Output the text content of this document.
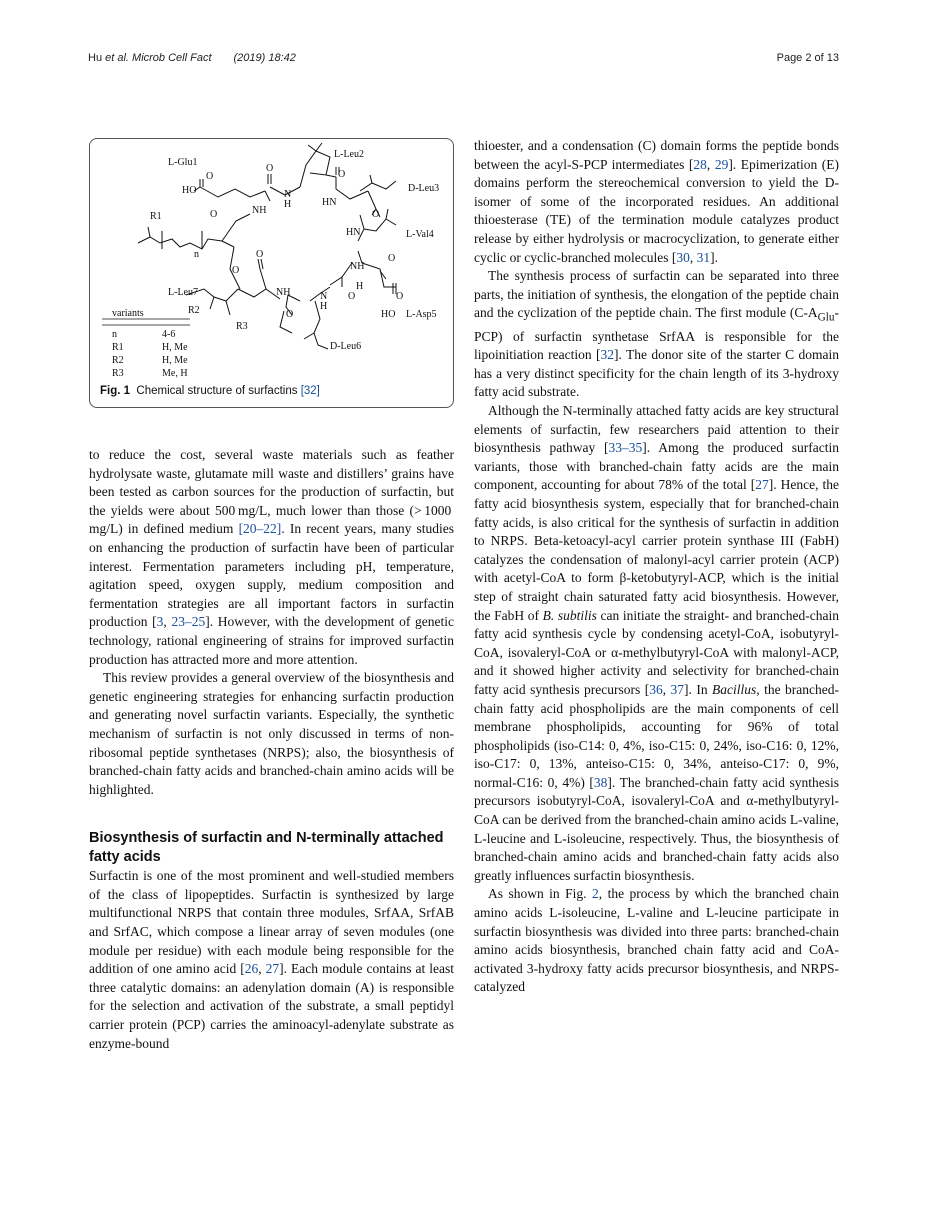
Hu et al. Microb Cell Fact (2019) 18:42	Page 2 of 13
L-Glu1
L-Leu2
D-Leu3
L-Val4
L-Asp5
D-Leu6
L-Leu7
HO
O
O
O	NH
N
H
O
HN
O
HN
NH
O
N
H
H
O
HO
O
NH
O
O
O
R2
R3
R1
n
variants
n	4-6
R1	H, Me
R2	H, Me
R3	Me, H
Fig. 1 Chemical structure of surfactins [32]

to reduce the cost, several waste materials such as feather hydrolysate waste, glutamate mill waste and distillers’ grains have been tested as carbon sources for the production of surfactin, but the yields were about 500 mg/L, much lower than those (> 1000 mg/L) in defined medium [20–22]. In recent years, many studies on enhancing the production of surfactin have been of particular interest. Fermentation parameters including pH, temperature, agitation speed, oxygen supply, medium composition and fermentation strategies are all important factors in surfactin production [3, 23–25]. However, with the development of genetic technology, rational engineering of strains for improved surfactin production has attracted more and more attention.

This review provides a general overview of the biosynthesis and genetic engineering strategies for enhancing surfactin production and generating novel surfactin variants. Especially, the synthetic mechanism of surfactin is not only discussed in terms of non-ribosomal peptide synthetases (NRPS); also, the biosynthesis of branched-chain fatty acids and branched-chain amino acids will be highlighted.

Biosynthesis of surfactin and N-terminally attached fatty acids

Surfactin is one of the most prominent and well-studied members of the class of lipopeptides. Surfactin is synthesized by large multifunctional NRPS that contain three modules, SrfAA, SrfAB and SrfAC, which compose a linear array of seven modules (one module per residue) with each module being responsible for the addition of one amino acid [26, 27]. Each module contains at least three catalytic domains: an adenylation domain (A) is responsible for the selection and activation of the substrate, a small peptidyl carrier protein (PCP) carries the aminoacyl-adenylate substrate as enzyme-bound

thioester, and a condensation (C) domain forms the peptide bonds between the acyl-S-PCP intermediates [28, 29]. Epimerization (E) domains perform the stereochemical conversion to yield the D-isomer of some of the incorporated residues. An additional thioesterase (TE) of the termination module catalyzes product release by either hydrolysis or macrocyclization, to generate either cyclic or cyclic-branched molecules [30, 31].

The synthesis process of surfactin can be separated into three parts, the initiation of synthesis, the elongation of the peptide chain and the cyclization of the peptide chain. The first module $(C-A_{Glu}-PCP)$ of surfactin synthetase SrfAA is responsible for the lipoinitiation reaction [32]. The donor site of the starter C domain has a very distinct specificity for the chain length of its 3-hydroxy fatty acid substrate.

Although the N-terminally attached fatty acids are key structural elements of surfactin, few researchers paid attention to their biosynthesis pathway [33–35]. Among the produced surfactin variants, those with branched-chain fatty acids are the main component, accounting for about 78% of the total [27]. Hence, the fatty acid biosynthesis system, especially that for branched-chain fatty acids, is also critical for the synthesis of surfactin in addition to NRPS. Beta-ketoacyl-acyl carrier protein synthase III (FabH) catalyzes the condensation of malonyl-acyl carrier protein (ACP) with acetyl-CoA to form β-ketobutyryl-ACP, which is the initial step of straight chain saturated fatty acid biosynthesis. However, the FabH of B. subtilis can initiate the straight- and branched-chain fatty acid synthesis cycle by condensing acetyl-CoA, isobutyryl-CoA, isovaleryl-CoA or α-methylbutyryl-CoA with malonyl-ACP, and it showed higher activity and selectivity for branched-chain fatty acid synthesis precursors [36, 37]. In Bacillus, the branched-chain fatty acid phospholipids are the main components of cell membrane phospholipids, accounting for 96% of total phospholipids (iso-C14: 0, 4%, iso-C15: 0, 24%, iso-C16: 0, 12%, iso-C17: 0, 13%, anteiso-C15: 0, 34%, anteiso-C17: 0, 9%, normal-C16: 0, 4%) [38]. The branched-chain fatty acid synthesis precursors isobutyryl-CoA, isovaleryl-CoA and α-methylbutyryl-CoA can be derived from the branched-chain amino acids L-valine, L-leucine and L-isoleucine, respectively. Thus, the biosynthesis of branched-chain amino acids and branched-chain fatty acids also greatly influences surfactin biosynthesis.

As shown in Fig. 2, the process by which the branched chain amino acids L-isoleucine, L-valine and L-leucine participate in surfactin biosynthesis was divided into three parts: branched-chain amino acids biosynthesis, branched chain fatty acid and CoA-activated 3-hydroxy fatty acids precursor biosynthesis, and NRPS-catalyzed
